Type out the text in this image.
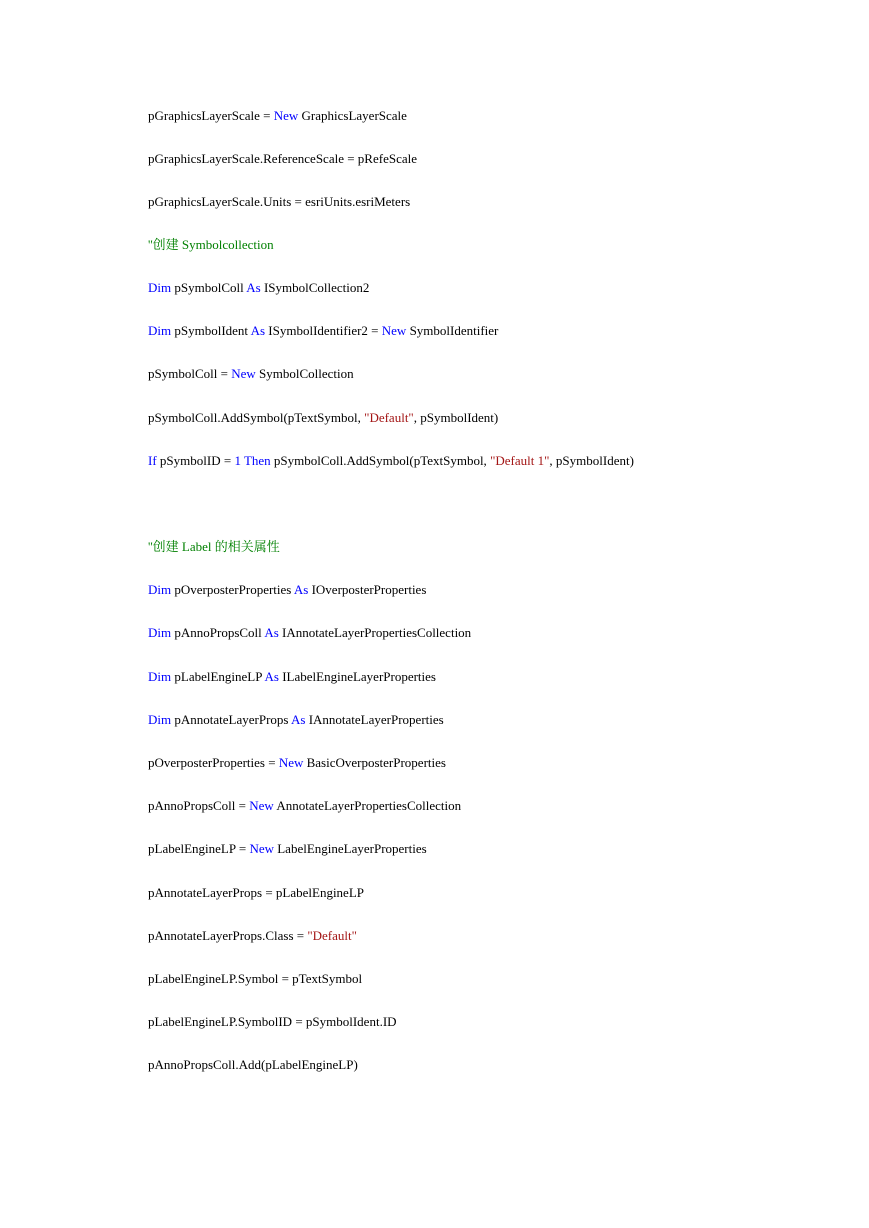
pGraphicsLayerScale = New GraphicsLayerScale
pGraphicsLayerScale.ReferenceScale = pRefeScale
pGraphicsLayerScale.Units = esriUnits.esriMeters
''创建 Symbolcollection
Dim pSymbolColl As ISymbolCollection2
Dim pSymbolIdent As ISymbolIdentifier2 = New SymbolIdentifier
pSymbolColl = New SymbolCollection
pSymbolColl.AddSymbol(pTextSymbol, "Default", pSymbolIdent)
If pSymbolID = 1 Then pSymbolColl.AddSymbol(pTextSymbol, "Default 1", pSymbolIdent)
''创建 Label 的相关属性
Dim pOverposterProperties As IOverposterProperties
Dim pAnnoPropsColl As IAnnotateLayerPropertiesCollection
Dim pLabelEngineLP As ILabelEngineLayerProperties
Dim pAnnotateLayerProps As IAnnotateLayerProperties
pOverposterProperties = New BasicOverposterProperties
pAnnoPropsColl = New AnnotateLayerPropertiesCollection
pLabelEngineLP = New LabelEngineLayerProperties
pAnnotateLayerProps = pLabelEngineLP
pAnnotateLayerProps.Class = "Default"
pLabelEngineLP.Symbol = pTextSymbol
pLabelEngineLP.SymbolID = pSymbolIdent.ID
pAnnoPropsColl.Add(pLabelEngineLP)
